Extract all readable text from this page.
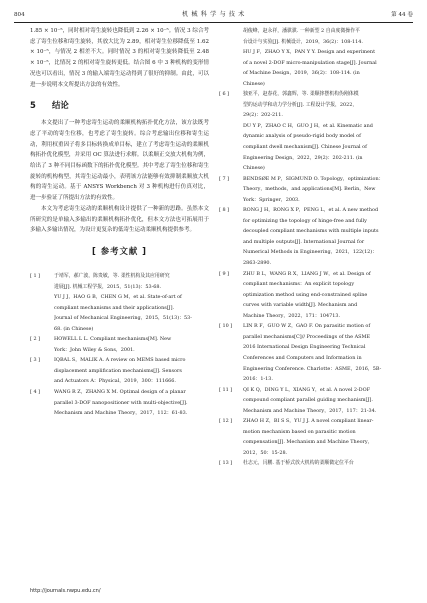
804	机 械 科 学 与 技 术	第 44 卷

1.85 × 10⁻⁵，同时相对寄生旋转也降低到 2.26 × 10⁻⁵。情况 3 综合考虑了寄生位移和寄生旋转，其放大比为 2.89，相对寄生位移降低至 1.62 × 10⁻⁵，与情况 2 相差不大。同时情况 3 的相对寄生旋转降低至 2.48 × 10⁻⁵，比情况 2 的相对寄生旋转更低。结合图 6 中 3 种机构的变形情况也可以看出，情况 3 的输入端寄生运动得到了很好的抑制。由此，可以进一步说明本文所提出方法的有效性。

5 结论

本文提出了一种考虑寄生运动的柔顺机构拓扑优化方法，该方法既考虑了平动的寄生位移，也考虑了寄生旋转。综合考虑输出位移和寄生运动，利用权重因子将多目标转换成单目标，建立了考虑寄生运动的柔顺机构拓扑优化模型，并采用 OC 算法进行求解。以柔顺正交放大机构为例，给出了 3 种不同目标函数下的拓扑优化模型。其中考虑了寄生位移和寄生旋转的机构构型，其寄生运动最小，表明该方法能够有效抑制柔顺放大机构的寄生运动。基于 ANSYS Workbench 对 3 种机构进行仿真对比，进一步验证了所提出方法的有效性。

本文为考虑寄生运动的柔顺机构设计提供了一种新的思路。虽然本文所研究的是单输入多输出的柔顺机构拓扑优化，但本文方法也可拓展用于多输入多输出情况，为设计更复杂的低寄生运动柔顺机构提供参考。

[ 参考文献 ]
[ 1 ]	于靖军，郝广波，陈贵敏，等. 柔性机构及其应用研究
进展[J]. 机械工程学报，2015，51(13)：53-68.
YU J J，HAO G B，CHEN G M，et al. State-of-art of
compliant mechanisms and their applications[J].
Journal of Mechanical Engineering，2015，51(13)：53-
68. (in Chinese)
[ 2 ]	HOWELL L L. Compliant mechanisms[M]. New
York：John Wiley & Sons，2001.
[ 3 ]	IQBAL S，MALIK A. A review on MEMS based micro
displacement amplification mechanisms[J]. Sensors
and Actuators A：Physical，2019，300：111666.
[ 4 ]	WANG R Z，ZHANG X M. Optimal design of a planar
parallel 3-DOF nanopositioner with multi-objective[J].
Mechanism and Machine Theory，2017，112：61-83.
胡俊峰，赵永祥，潘骐骐. 一种新型 2 自由度微操作平
台设计与实验[J]. 机械设计，2019，36(2)：108-114.
HU J F，ZHAO Y X，PAN Y Y. Design and experiment
of a novel 2-DOF micro-manipulation stage[J]. Journal
of Machine Design，2019，36(2)：108-114. (in
Chinese)
[ 6 ]	独亚平，赵春花，郭鑫辉，等. 柔顺摔摆机构伪刚体模
型的运动学和动力学分析[J]. 工程设计学报，2022，
29(2)：202-211.
DU Y P，ZHAO C H，GUO J H，et al. Kinematic and
dynamic analysis of pseudo-rigid body model of
compliant dwell mechanism[J]. Chinese Journal of
Engineering Design，2022，29(2)：202-211. (in
Chinese)
[ 7 ]	BENDSØE M P，SIGMUND O. Topology，optimization：
Theory，methods，and applications[M]. Berlin，New
York：Springer，2003.
[ 8 ]	RONG J H，RONG X P，PENG L，et al. A new method
for optimizing the topology of hinge-free and fully
decoupled compliant mechanisms with multiple inputs
and multiple outputs[J]. International Journal for
Numerical Methods in Engineering，2021，122(12)：
2863-2890.
[ 9 ]	ZHU B L，WANG R X，LIANG J W，et al. Design of
compliant mechanisms：An explicit topology
optimization method using end-constrained spline
curves with variable width[J]. Mechanism and
Machine Theory，2022，171：104713.
[ 10 ]	LIN R F，GUO W Z，GAO F. On parasitic motion of
parallel mechanisms[C]// Proceedings of the ASME
2016 International Design Engineering Technical
Conferences and Computers and Information in
Engineering Conference. Charlotte：ASME，2016，5B-
2016：1-13.
[ 11 ]	QI K Q，DING Y L，XIANG Y，et al. A novel 2-DOF
compound compliant parallel guiding mechanism[J].
Mechanism and Machine Theory，2017，117：21-34.
[ 12 ]	ZHAO H Z，BI S S，YU J J. A novel compliant linear-
motion mechanism based on parasitic motion
compensation[J]. Mechanism and Machine Theory，
2012，50：15-28.
[ 13 ]	杜志元，闫鹏. 基于桥式放大机构的柔顺微定位平台
http://journals.nwpu.edu.cn/
